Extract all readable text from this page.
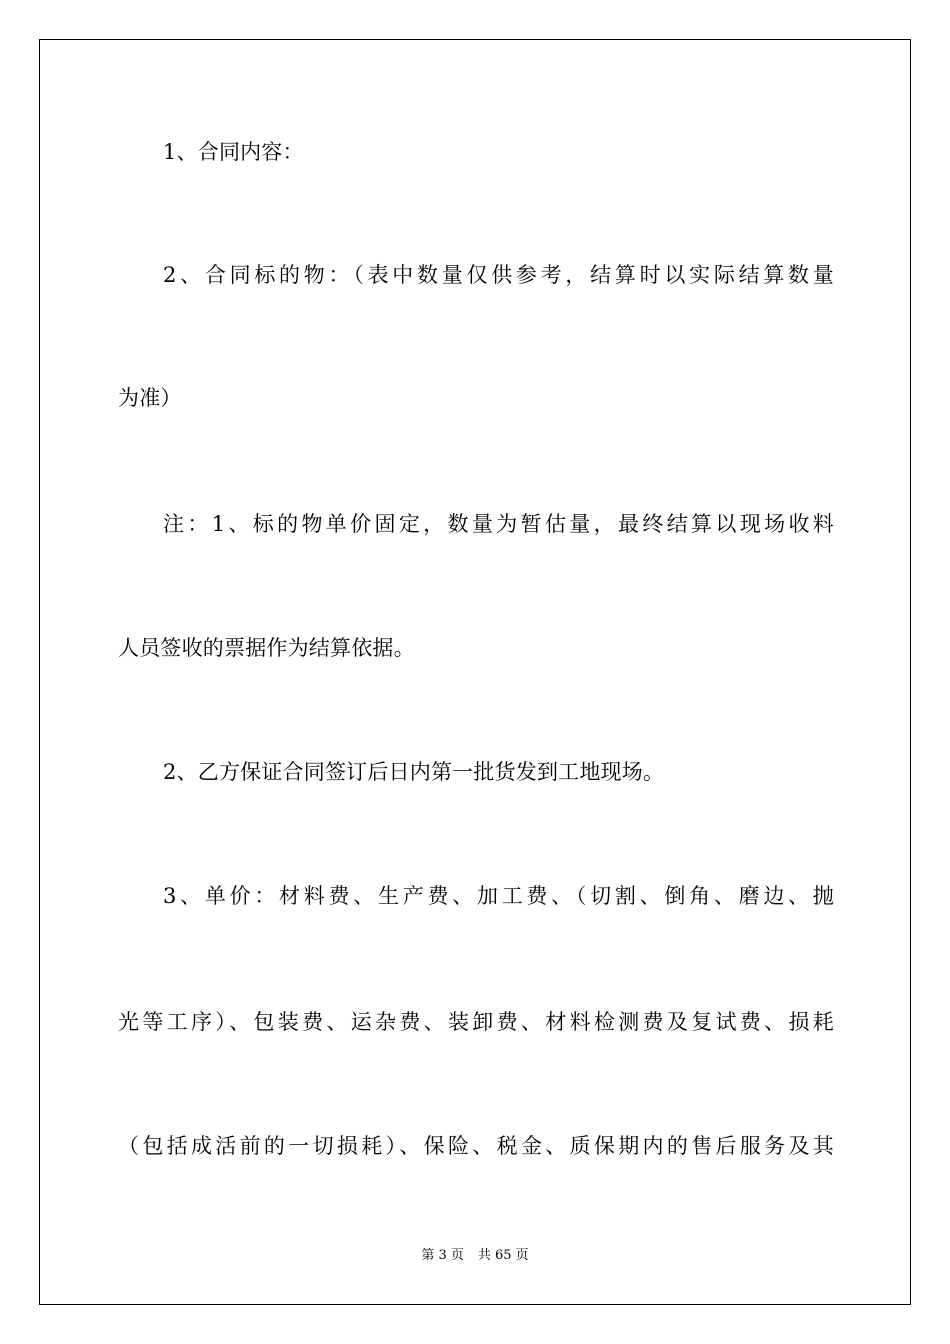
1、合同内容：
2、合同标的物：（表中数量仅供参考，结算时以实际结算数量
为准）
注：1、标的物单价固定，数量为暂估量，最终结算以现场收料
人员签收的票据作为结算依据。
2、乙方保证合同签订后日内第一批货发到工地现场。
3、单价：材料费、生产费、加工费、（切割、倒角、磨边、抛
光等工序）、包装费、运杂费、装卸费、材料检测费及复试费、损耗
（包括成活前的一切损耗）、保险、税金、质保期内的售后服务及其
第 3 页 共 65 页
